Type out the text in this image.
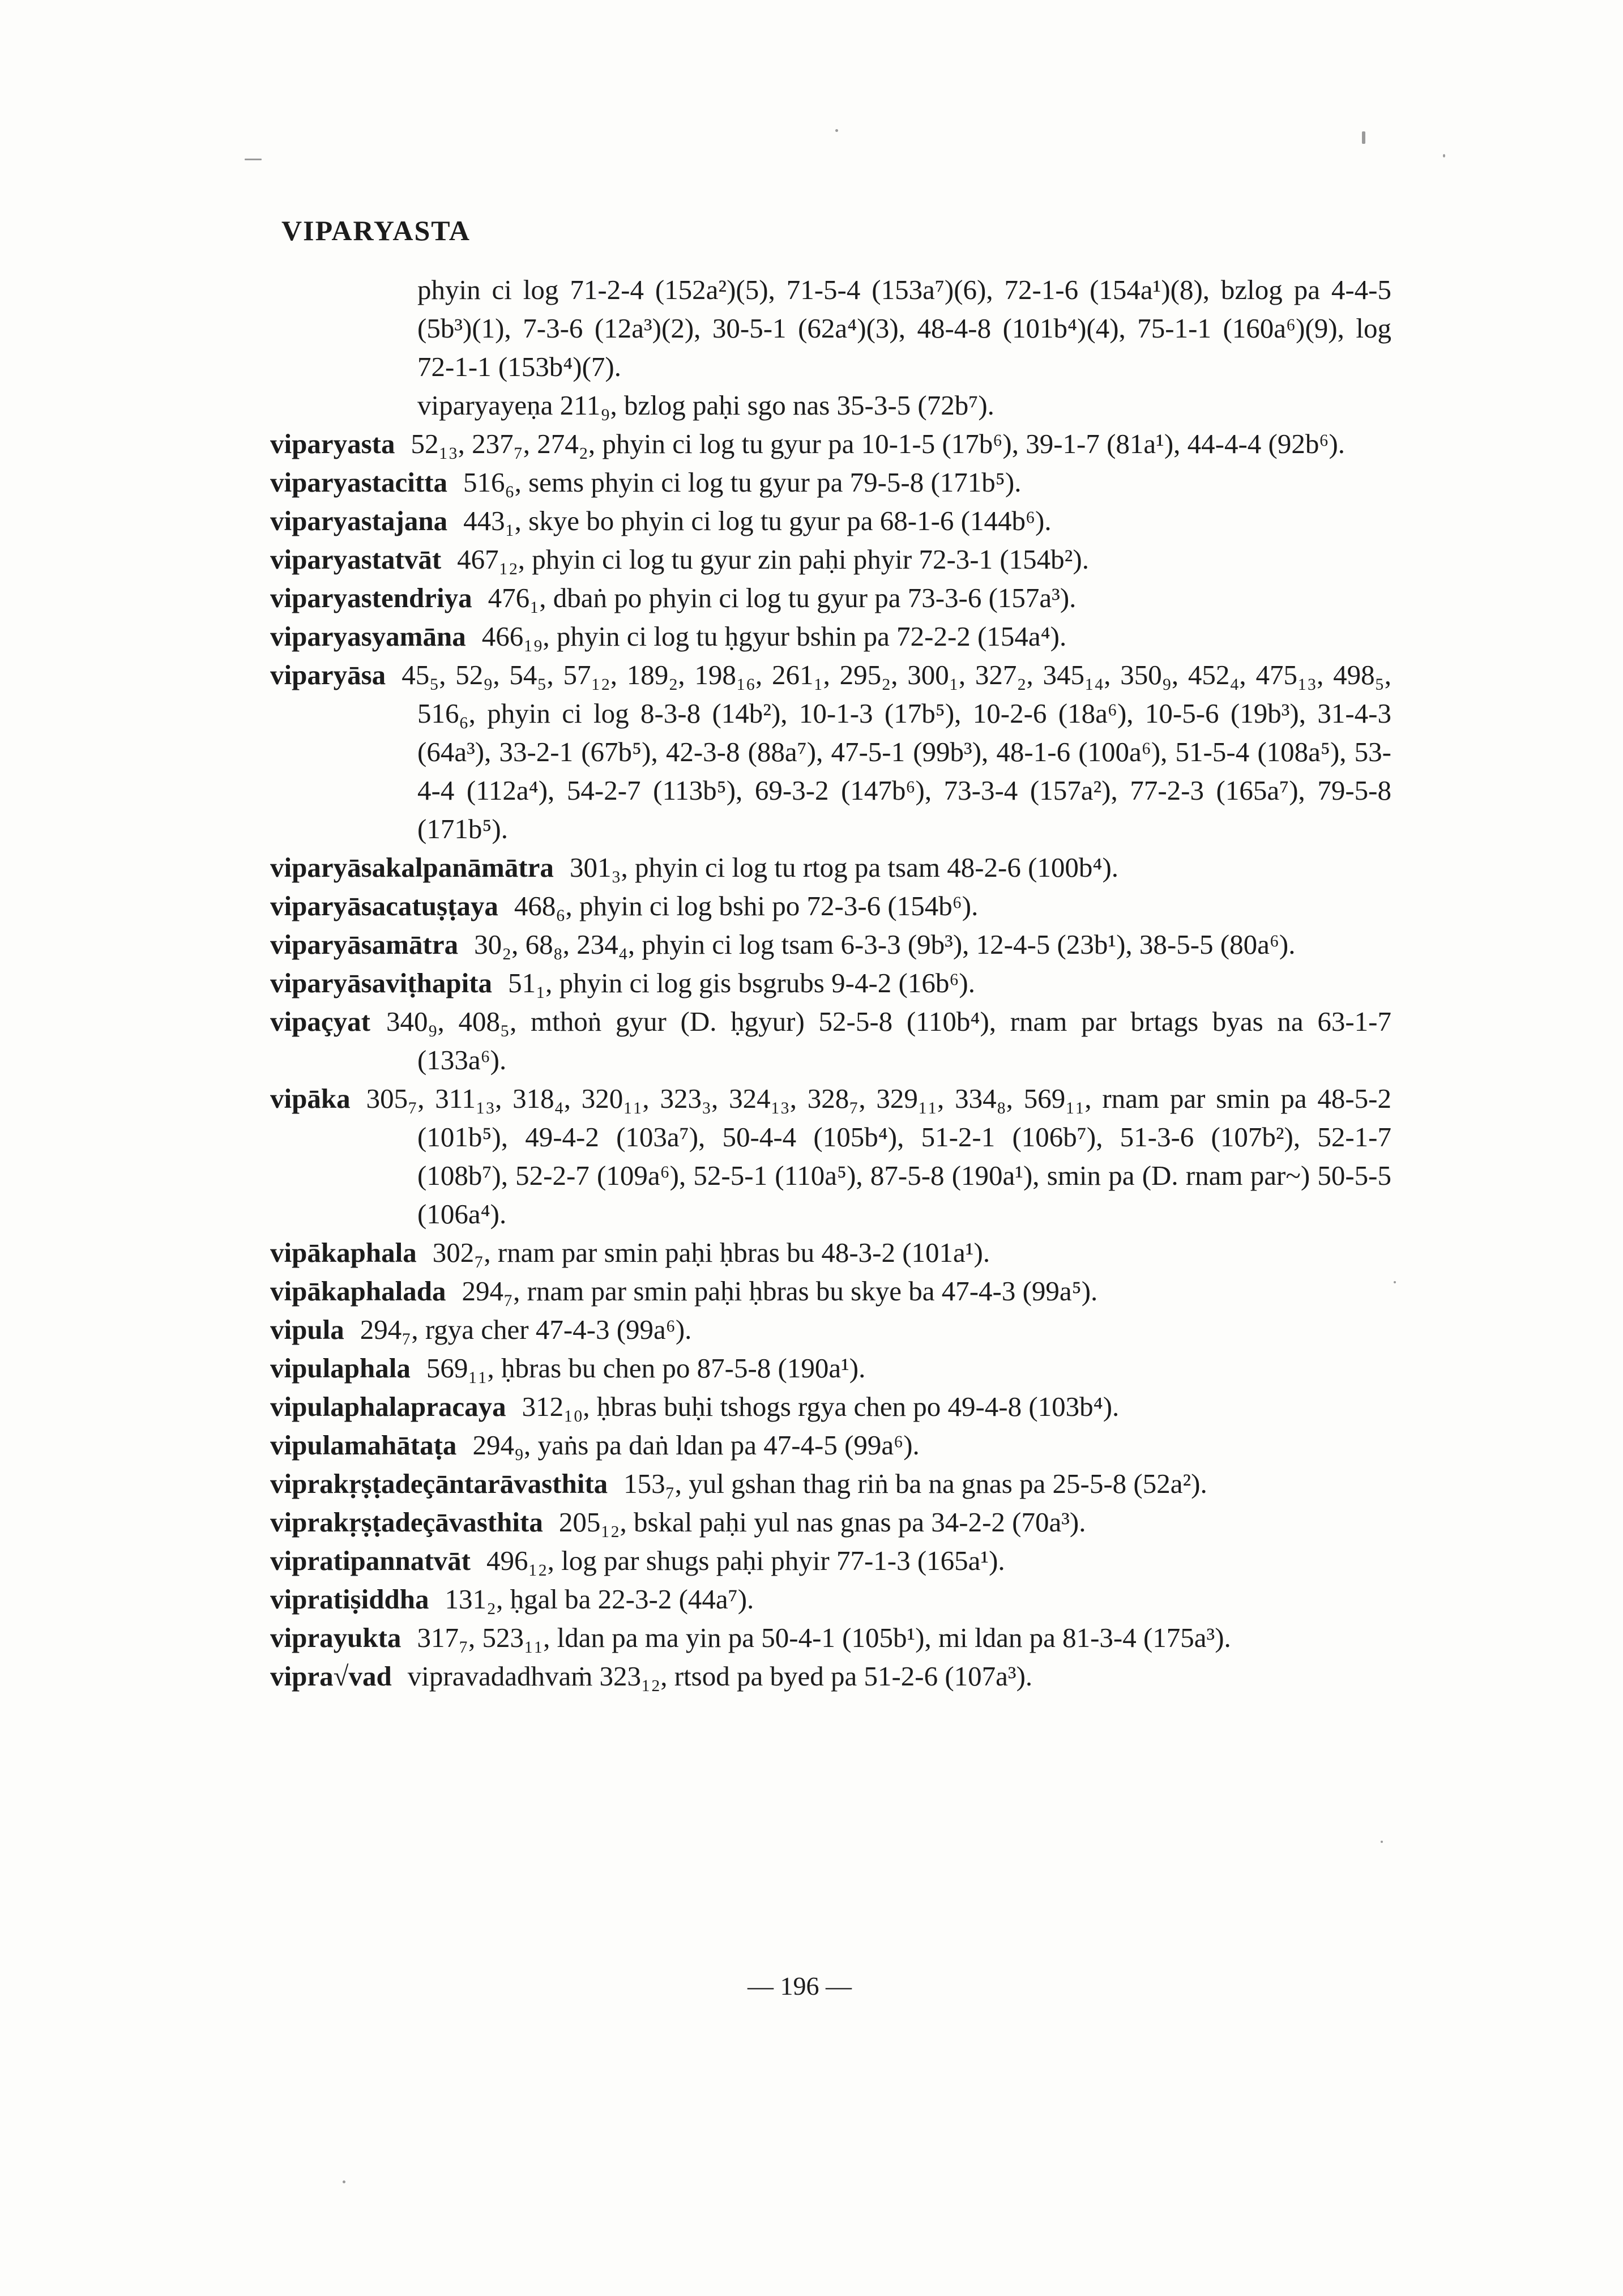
VIPARYASTA

phyin ci log 71-2-4 (152a²)(5), 71-5-4 (153a⁷)(6), 72-1-6 (154a¹)(8), bzlog pa 4-4-5 (5b³)(1), 7-3-6 (12a³)(2), 30-5-1 (62a⁴)(3), 48-4-8 (101b⁴)(4), 75-1-1 (160a⁶)(9), log 72-1-1 (153b⁴)(7).

viparyayeṇa 211₉, bzlog paḥi sgo nas 35-3-5 (72b⁷).

viparyasta 52₁₃, 237₇, 274₂, phyin ci log tu gyur pa 10-1-5 (17b⁶), 39-1-7 (81a¹), 44-4-4 (92b⁶).

viparyastacitta 516₆, sems phyin ci log tu gyur pa 79-5-8 (171b⁵).

viparyastajana 443₁, skye bo phyin ci log tu gyur pa 68-1-6 (144b⁶).

viparyastatvāt 467₁₂, phyin ci log tu gyur zin paḥi phyir 72-3-1 (154b²).

viparyastendriya 476₁, dbaṅ po phyin ci log tu gyur pa 73-3-6 (157a³).

viparyasyamāna 466₁₉, phyin ci log tu ḥgyur bshin pa 72-2-2 (154a⁴).

viparyāsa 45₅, 52₉, 54₅, 57₁₂, 189₂, 198₁₆, 261₁, 295₂, 300₁, 327₂, 345₁₄, 350₉, 452₄, 475₁₃, 498₅, 516₆, phyin ci log 8-3-8 (14b²), 10-1-3 (17b⁵), 10-2-6 (18a⁶), 10-5-6 (19b³), 31-4-3 (64a³), 33-2-1 (67b⁵), 42-3-8 (88a⁷), 47-5-1 (99b³), 48-1-6 (100a⁶), 51-5-4 (108a⁵), 53-4-4 (112a⁴), 54-2-7 (113b⁵), 69-3-2 (147b⁶), 73-3-4 (157a²), 77-2-3 (165a⁷), 79-5-8 (171b⁵).

viparyāsakalpanāmātra 301₃, phyin ci log tu rtog pa tsam 48-2-6 (100b⁴).

viparyāsacatuṣṭaya 468₆, phyin ci log bshi po 72-3-6 (154b⁶).

viparyāsamātra 30₂, 68₈, 234₄, phyin ci log tsam 6-3-3 (9b³), 12-4-5 (23b¹), 38-5-5 (80a⁶).

viparyāsaviṭhapita 51₁, phyin ci log gis bsgrubs 9-4-2 (16b⁶).

vipaçyat 340₉, 408₅, mthoṅ gyur (D. ḥgyur) 52-5-8 (110b⁴), rnam par brtags byas na 63-1-7 (133a⁶).

vipāka 305₇, 311₁₃, 318₄, 320₁₁, 323₃, 324₁₃, 328₇, 329₁₁, 334₈, 569₁₁, rnam par smin pa 48-5-2 (101b⁵), 49-4-2 (103a⁷), 50-4-4 (105b⁴), 51-2-1 (106b⁷), 51-3-6 (107b²), 52-1-7 (108b⁷), 52-2-7 (109a⁶), 52-5-1 (110a⁵), 87-5-8 (190a¹), smin pa (D. rnam par~) 50-5-5 (106a⁴).

vipākaphala 302₇, rnam par smin paḥi ḥbras bu 48-3-2 (101a¹).

vipākaphalada 294₇, rnam par smin paḥi ḥbras bu skye ba 47-4-3 (99a⁵).

vipula 294₇, rgya cher 47-4-3 (99a⁶).

vipulaphala 569₁₁, ḥbras bu chen po 87-5-8 (190a¹).

vipulaphalapracaya 312₁₀, ḥbras buḥi tshogs rgya chen po 49-4-8 (103b⁴).

vipulamahātaṭa 294₉, yaṅs pa daṅ ldan pa 47-4-5 (99a⁶).

viprakṛṣṭadeçāntarāvasthita 153₇, yul gshan thag riṅ ba na gnas pa 25-5-8 (52a²).

viprakṛṣṭadeçāvasthita 205₁₂, bskal paḥi yul nas gnas pa 34-2-2 (70a³).

vipratipannatvāt 496₁₂, log par shugs paḥi phyir 77-1-3 (165a¹).

vipratiṣiddha 131₂, ḥgal ba 22-3-2 (44a⁷).

viprayukta 317₇, 523₁₁, ldan pa ma yin pa 50-4-1 (105b¹), mi ldan pa 81-3-4 (175a³).

vipra√vad vipravadadhvaṁ 323₁₂, rtsod pa byed pa 51-2-6 (107a³).

— 196 —
